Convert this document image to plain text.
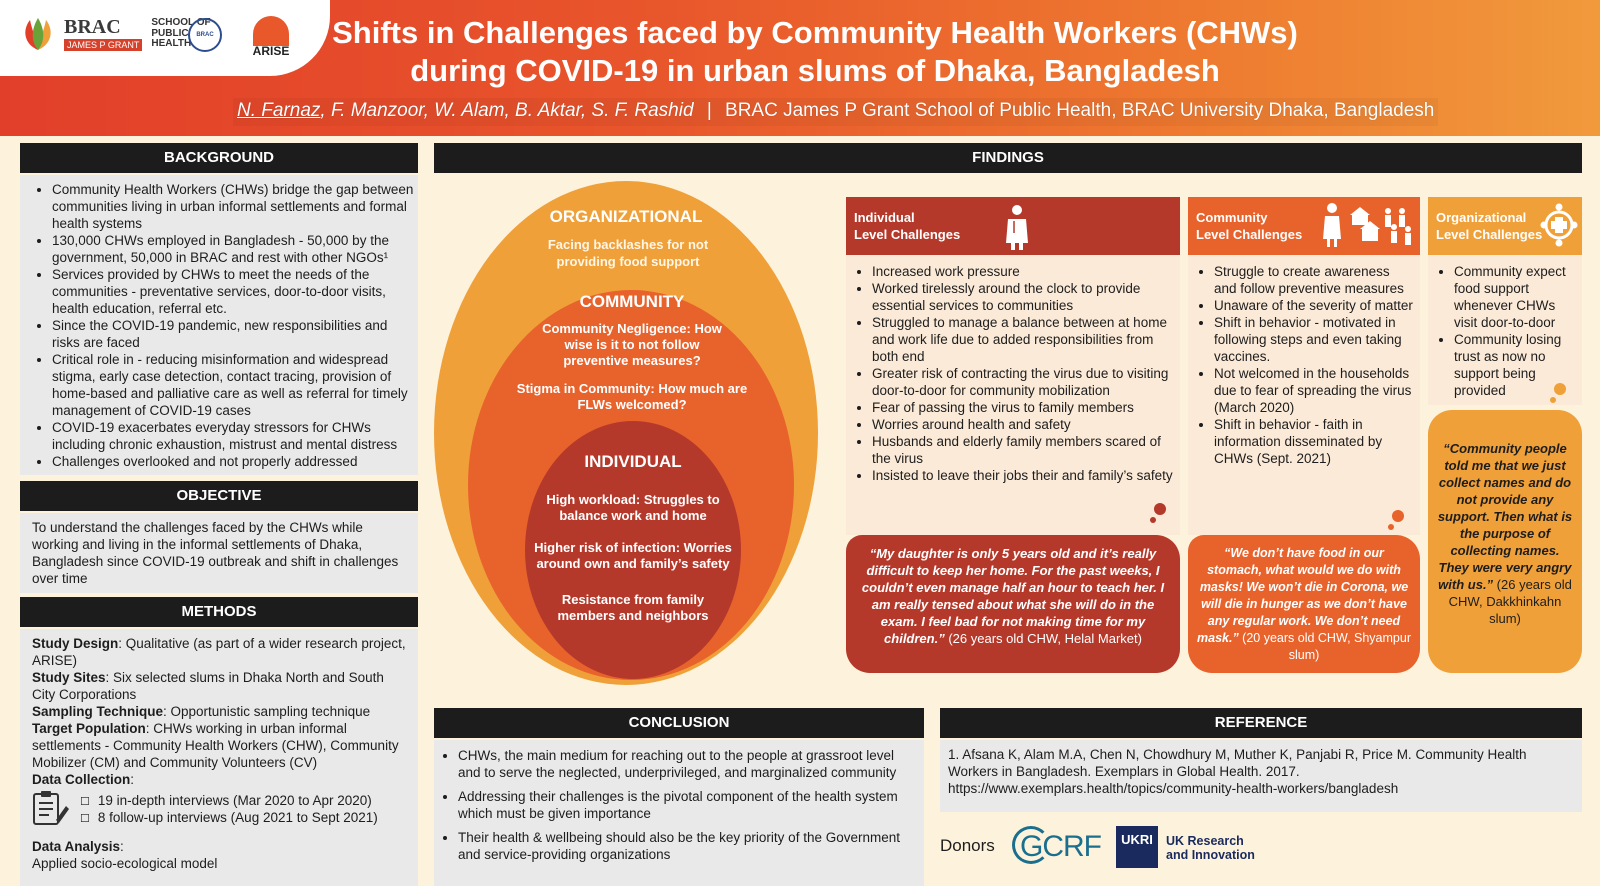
BRAC
JAMES P GRANT
SCHOOL OF
PUBLIC
HEALTH
BRAC
ARISE
Shifts in Challenges faced by Community Health Workers (CHWs)
during COVID-19 in urban slums of Dhaka, Bangladesh
N. Farnaz, F. Manzoor, W. Alam, B. Aktar, S. F. Rashid | BRAC James P Grant School of Public Health, BRAC University Dhaka, Bangladesh
BACKGROUND
• Community Health Workers (CHWs) bridge the gap between communities living in urban informal settlements and formal health systems
• 130,000 CHWs employed in Bangladesh - 50,000 by the government, 50,000 in BRAC and rest with other NGOs¹
• Services provided by CHWs to meet the needs of the communities - preventative services, door-to-door visits, health education, referral etc.
• Since the COVID-19 pandemic, new responsibilities and risks are faced
• Critical role in - reducing misinformation and widespread stigma, early case detection, contact tracing, provision of home-based and palliative care as well as referral for timely management of COVID-19 cases
• COVID-19 exacerbates everyday stressors for CHWs including chronic exhaustion, mistrust and mental distress
• Challenges overlooked and not properly addressed
OBJECTIVE
To understand the challenges faced by the CHWs while working and living in the informal settlements of Dhaka, Bangladesh since COVID-19 outbreak and shift in challenges over time
METHODS
Study Design: Qualitative (as part of a wider research project, ARISE)
Study Sites: Six selected slums in Dhaka North and South City Corporations
Sampling Technique: Opportunistic sampling technique
Target Population: CHWs working in urban informal settlements - Community Health Workers (CHW), Community Mobilizer (CM) and Community Volunteers (CV)
Data Collection:
☐ 19 in-depth interviews (Mar 2020 to Apr 2020)
☐ 8 follow-up interviews (Aug 2021 to Sept 2021)
Data Analysis:
Applied socio-ecological model
FINDINGS
ORGANIZATIONAL
Facing backlashes for not providing food support
COMMUNITY
Community Negligence: How wise is it to not follow preventive measures?
Stigma in Community: How much are FLWs welcomed?
INDIVIDUAL
High workload: Struggles to balance work and home
Higher risk of infection: Worries around own and family’s safety
Resistance from family members and neighbors
Individual
Level Challenges
• Increased work pressure
• Worked tirelessly around the clock to provide essential services to communities
• Struggled to manage a balance between at home and work life due to added responsibilities from both end
• Greater risk of contracting the virus due to visiting door-to-door for community mobilization
• Fear of passing the virus to family members
• Worries around health and safety
• Husbands and elderly family members scared of the virus
• Insisted to leave their jobs their and family’s safety
“My daughter is only 5 years old and it’s really difficult to keep her home. For the past weeks, I couldn’t even manage half an hour to teach her. I am really tensed about what she will do in the exam. I feel bad for not making time for my children.” (26 years old CHW, Helal Market)
Community
Level Challenges
• Struggle to create awareness and follow preventive measures
• Unaware of the severity of matter
• Shift in behavior - motivated in following steps and even taking vaccines.
• Not welcomed in the households due to fear of spreading the virus (March 2020)
• Shift in behavior - faith in information disseminated by CHWs (Sept. 2021)
“We don’t have food in our stomach, what would we do with masks! We won’t die in Corona, we will die in hunger as we don’t have any regular work. We don’t need mask.” (20 years old CHW, Shyampur slum)
Organizational
Level Challenges
• Community expect food support whenever CHWs visit door-to-door
• Community losing trust as now no support being provided
“Community people told me that we just collect names and do not provide any support. Then what is the purpose of collecting names. They were very angry with us.” (26 years old CHW, Dakkhinkahn slum)
CONCLUSION
• CHWs, the main medium for reaching out to the people at grassroot level and to serve the neglected, underprivileged, and marginalized community
• Addressing their challenges is the pivotal component of the health system which must be given importance
• Their health & wellbeing should also be the key priority of the Government and service-providing organizations
REFERENCE
1. Afsana K, Alam M.A, Chen N, Chowdhury M, Muther K, Panjabi R, Price M. Community Health Workers in Bangladesh. Exemplars in Global Health. 2017.
https://www.exemplars.health/topics/community-health-workers/bangladesh
Donors GCRF	UKRI	UK Research
and Innovation
